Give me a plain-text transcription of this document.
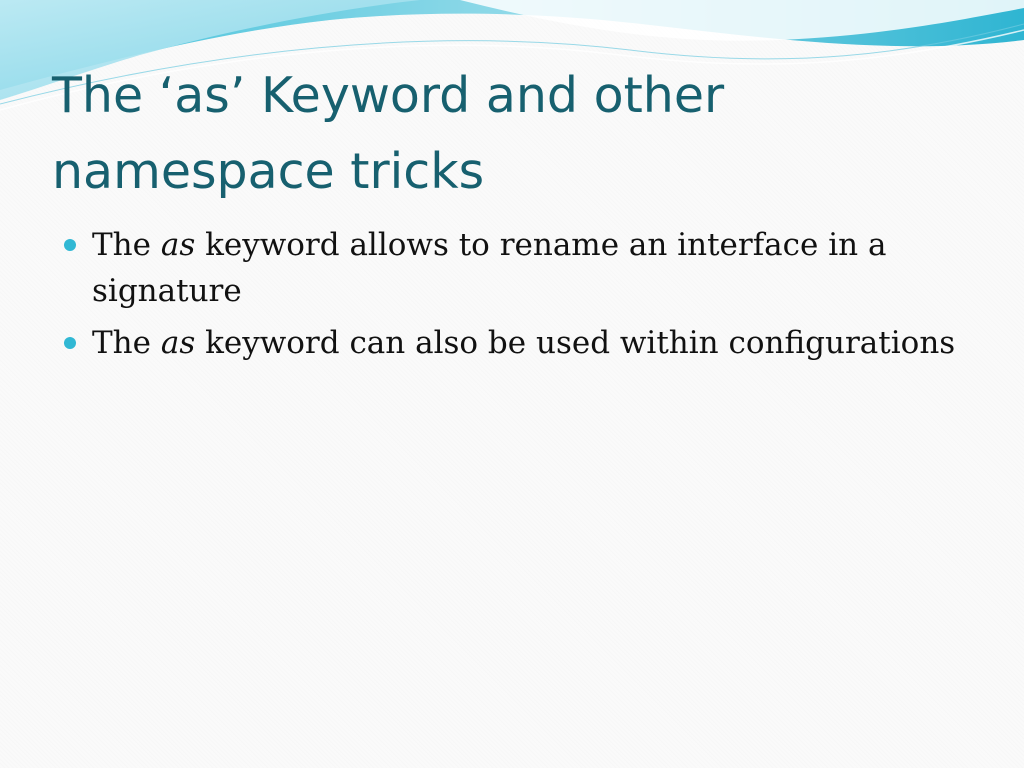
The ‘as’ Keyword and other
namespace tricks
The as keyword allows to rename an interface in a signature
The as keyword can also be used within configurations
